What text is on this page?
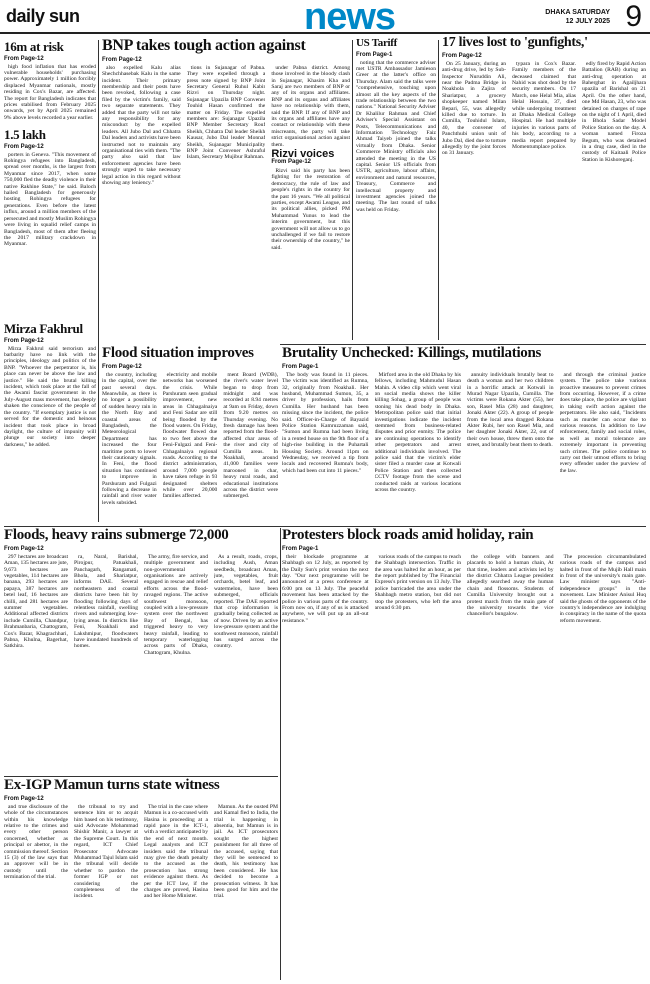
daily sun	news	DHAKA SATURDAY
12 JULY 2025 9
16m at risk
From Page-12

high food inflation that has eroded vulnerable households' purchasing power. Approximately 1 million forcibly displaced Myanmar nationals, mostly residing in Cox's Bazar, are affected. The report for Bangladesh indicates that prices stabilised from February 2025 onwards, yet by April 2025 remained 9% above levels recorded a year earlier.

1.5 lakh
From Page-12

porters in Geneva. "This movement of Rohingya refugees into Bangladesh, spread over months, is the largest from Myanmar since 2017, when some 750,000 fled the deadly violence in their native Rakhine State," he said. Baloch hailed Bangladesh for generously hosting Rohingya refugees for generations. Even before the latest influx, around a million members of the persecuted and mostly Muslim Rohingya were living in squalid relief camps in Bangladesh, most of them after fleeing the 2017 military crackdown in Myanmar.

Mirza Fakhrul
From Page-12

Mirza Fakhrul said terrorism and barbarity have no link with the principles, ideology and politics of the BNP. "Whoever the perpetrator is, his place can never be above the law and justice." He said the brutal killing incident, which took place at the fall of the Awami fascist government in the July-August mass movement, has deeply shaken the conscience of the people of the country. "If exemplary justice is not served for the domestic and heinous incident that took place in broad daylight, the culture of impunity will plunge our society into deeper darkness," he added.

BNP takes tough action against
From Page-12

also expelled Kalu alias Shechchhasebak Kalu in the same incident. Their primary membership and their posts have been revoked, following a case filed by the victim's family, said two separate statements. They added that the party will not take any responsibility for any misconduct by the expelled leaders. All Jubo Dal and Chhatra Dal leaders and activists have been instructed not to maintain any organisational ties with them. "The party also said that law enforcement agencies have been strongly urged to take necessary legal action in this regard without showing any leniency."

tions in Sujanagar of Pabna. They were expelled through a press note signed by BNP Joint Secretary General Ruhul Kabir Rizvi on Thursday night. Sujanagar Upazila BNP Convener Touhid Hasan confirmed the matter on Friday. The expelled members are: Sujanagar Upazila BNP Member Secretary Rouf Sheikh, Chhatra Dal leader Sheikh Kausar, Jubo Dal leader Monnaf Sheikh, Sujanagar Municipality BNP Joint Convener Ashraful Islam, Secretary Mujibur Rahman.

under Pabna district. Among those involved in the bloody clash in Sujanagar, Khasim Kha and Saraj are two members of BNP or any of its organs and affiliates. BNP and its organs and affiliates have no relationship with them, said the BNP. If any of BNP and its organs and affiliates have any contact or relationship with these miscreants, the party will take strict organisational action against them.

Rizvi voices
From Page-12

Rizvi said his party has been fighting for the restoration of democracy, the rule of law and people's rights in the country for the past 16 years. "We all political parties, except Awami League, and its political allies, picked PM Muhammad Yunus to lead the interim government, but this government will not allow us to go unchallenged if we fail to restore their ownership of the country," he said.

US Tariff
From Page-1

noting that the commerce adviser met USTR Ambassador Jamieson Greer at the latter's office on Thursday. Alam said the talks were "comprehensive, touching upon almost all the key aspects of the trade relationship between the two nations." National Security Adviser Dr Khalilur Rahman and Chief Adviser's Special Assistant on Posts, Telecommunications and Information Technology Faiz Ahmad Taiyeb joined the talks virtually from Dhaka. Senior Commerce Ministry officials also attended the meeting in the US capital. Senior US officials from USTR, agriculture, labour affairs, environment and natural resources, Treasury, Commerce and intellectual property and investment agencies joined the meeting. The last round of talks was held on Friday.

17 lives lost to 'gunfights,'
From Page-12

On 25 January, during an anti-drug drive, led by Sub-Inspector Nuruddin Ali, near the Padma Bridge in Noakhola in Zajira of Shariatpur, a grocery shopkeeper named Milan Bepari, 55, was allegedly killed due to torture. In Cumilla, Touhidul Islam, 40, the convener of Panchthubi union unit of Jubo Dal, died due to torture allegedly by the joint forces on 31 January.

typara in Cox's Bazar. Family members of the deceased claimed that Nahid was shot dead by the security members. On 17 March, one Helal Mia, alias Helal Hossain, 37, died while undergoing treatment at Dhaka Medical College Hospital. He had multiple injuries in various parts of his body, according to a media report prepared by Momentumplace police.

edly fired by Rapid Action Battalion (RAB) during an anti-drug operation at Baherghat in Agailjhara upazila of Barishal on 21 April. On the other hand, one Md Hasan, 23, who was detained on charges of rape on the night of 1 April, died in Bhola Sadar Model Police Station on the day. A woman named Firoza Begum, who was detained in a drug case, died in the custody of Kaitaali Police Station in Kishoreganj.

Brutality Unchecked: Killings, mutilations
From Page-1

The body was found in 11 pieces. The victim was identified as Rumna, 32, originally from Noakhali. Her husband, Muhammad Sumon, 35, a driver by profession, hails from Cumilla. Her husband has been missing since the incident, the police said. Officer-in-Charge of Bayazid Police Station Kamruzzaman said, "Sumon and Rumna had been living in a rented house on the 9th floor of a high-rise building in the Puhartali Housing Society. Around 11pm on Wednesday, we received a tip from locals and recovered Rumna's body, which had been cut into 11 pieces."

Mirford area in the old Dhaka by his fellows, including Mahmudul Hasan Mahin. A video clip which went viral on social media shows the killer killing Sohag, a group of people was stoning his dead body in Dhaka. Metropolitan police said that initial investigations indicate the incident stemmed from business-related disputes and prior enmity. The police are continuing operations to identify other perpetrators and arrest additional individuals involved. The police said that the victim's elder sister filed a murder case at Kotwali Police Station and then collected CCTV footage from the scene and conducted raids at various locations across the country.

annuity individuals brutally beat to death a woman and her two children in a horrific attack at Kotwali in Murad Nagar Upazila, Cumilla. The victims were Rokana Akter (55), her son, Rasel Mia (28) and daughter, Jonaki Akter (22). A group of people from the local area dragged Rokana Akter Rubi, her son Rasel Mia, and her daughter Jonaki Akter, 22, out of their own house, threw them onto the street, and brutally beat them to death.

and through the criminal justice system. The police take various proactive measures to prevent crimes from occurring. However, if a crime does take place, the police are vigilant in taking swift action against the perpetrators. He also said, "Incidents such as murder can occur due to various reasons. In addition to law enforcement, family and social roles, as well as moral tolerance are extremely important in preventing such crimes. The police continue to carry out their utmost efforts to bring every offender under the purview of the law.

Flood situation improves
From Page-12

the country, including in the capital, over the past several days. Meanwhile, as there is no longer a possibility of sudden heavy rain in the North Bay and coastal areas of Bangladesh, the Meteorological Department has increased the four maritime ports to lower their cautionary signals. In Feni, the flood situation has continued to improve in Parshuram and Fulgazi following a decrease in rainfall and river water levels subsided.

electricity and mobile networks has worsened the crisis. While Parshuram seen gradual improvement, new areas in Chhagalnaiya and Feni Sadar are still being flooded by the flood waters. On Friday, floodwater flowed due to two feet above the Feni-Fulgazi and Feni-Chhagalnaiya regional roads. According to the district administration, around 7,000 people have taken refuge in 93 designated shelters while over 20,000 families affected.

ment Board (WDB), the river's water level began to drop from midnight and was recorded at 8.94 metres at 9am on Friday, down from 9.20 metres on Thursday evening. No fresh damage has been reported from the flood-affected char areas of the river and city of Cumilla areas. In Noakhali, around 41,000 families were marooned in char, heavy rural roads, and educational institutions across the district were submerged.

Protesters block roads amid holiday, rain
From Page-1

their blockade programme at Shahbagh on 12 July, as reported by the Daily Sun's print version the next day. "Our next programme will be announced at a press conference at 6:00 pm on 13 July. The peaceful movement has been attacked by the police in various parts of the country. From now on, if any of us is attacked anywhere, we will put up an all-out resistance."

various roads of the campus to reach the Shahbagh intersection. Traffic in the area was halted for an hour, as per the report published by The Financial Express's print version on 13 July. The police barricaded the area under the Shahbagh metro station, but did not stop the protesters, who left the area around 6:30 pm.

the college with banners and placards to hold a human chain, At that time, leaders and activists led by the district Chhatra League president allegedly searched away the human chain and flossoms. Students of Cumilla University brought out a protest march from the main gate of the university towards the vice chancellor's bungalow.

The procession circumambulated various roads of the campus and halted in front of the Mujib Hall main in front of the university's main gate. Law minister says "Anti-independence groups" in the movement. Law Minister Anisul Huq said the ghosts of the opponents of the country's independence are indulging in conspiracy in the name of the quota reform movement.

Floods, heavy rains submerge 72,000
From Page-12

297 hectares are broadcast Aman, 135 hectares are jute, 9,673 hectares are vegetables, 114 hectares are banana, 293 hectares are papaya, 387 hectares are betel leaf, 16 hectares are chilli, and 281 hectares are summer vegetables. Additional affected districts include Cumilla, Chandpur, Brahmanbaria, Chattogram, Cox's Bazar, Khagrachhari, Pabna, Khulna, Bagerhat, Satkhira.

ra, Naral, Barishal, Pirojpur, Patuakhali, Panchagarh, Rangamati, Bhola, and Shariatpur, informs DAE. Several northeastern and coastal districts have been hit by flooding following days of relentless rainfall, swelling rivers and submerging low-lying areas. In districts like Feni, Noakhali and Lakshmipur, floodwaters have inundated hundreds of homes.

The army, fire service, and multiple government and non-governmental organisations are actively engaged in rescue and relief efforts across the flood-ravaged regions. The active southwest monsoon, coupled with a low-pressure system over the northwest Bay of Bengal, has triggered heavy to very heavy rainfall, leading to temporary waterlogging across parts of Dhaka, Chattogram, Khulna.

As a result, roads, crops, including Aush, Aman seedbeds, broadcast Aman, jute, vegetables, fruit orchards, betel leaf, and watermelon, have been submerged, officials reported. The DAE reported that crop information is gradually being collected as of now. Driven by an active low-pressure system and the southwest monsoon, rainfall has surged across the country.

Ex-IGP Mamun turns state witness
From Page-12

and true disclosure of the whole of the circumstances within his knowledge relative to the crimes and every other person concerned, whether as principal or abettor, in the commission thereof. Section 15 (3) of the law says that an approver will be in custody until the termination of the trial.

the tribunal to try and sentence him or to acquit him based on his testimony, said Advocate Mohammad Shishir Manir, a lawyer at the Supreme Court. In this regard, ICT Chief Prosecutor Advocate Muhammad Tajul Islam said the tribunal will decide whether to pardon the former IGP or not considering the completeness of the incident.

The trial in the case where Mamun is a co-accused with Hasina is proceeding at a rapid pace in the ICT-1, with a verdict anticipated by the end of next month. Legal analysts and ICT insiders said the tribunal may give the death penalty to the accused as the prosecution has strong evidence against them. As per the ICT law, if the charges are proved, Hasina and her Home Minister.

Mamun. As the ousted PM and Kamal fled to India, the trial is happening in absentia, but Mamun is in jail. As ICT prosecutors sought the highest punishment for all three of the accused, saying that they will be sentenced to death, his testimony has been considered. He has decided to become a prosecution witness. It has been good for him and the trial.
